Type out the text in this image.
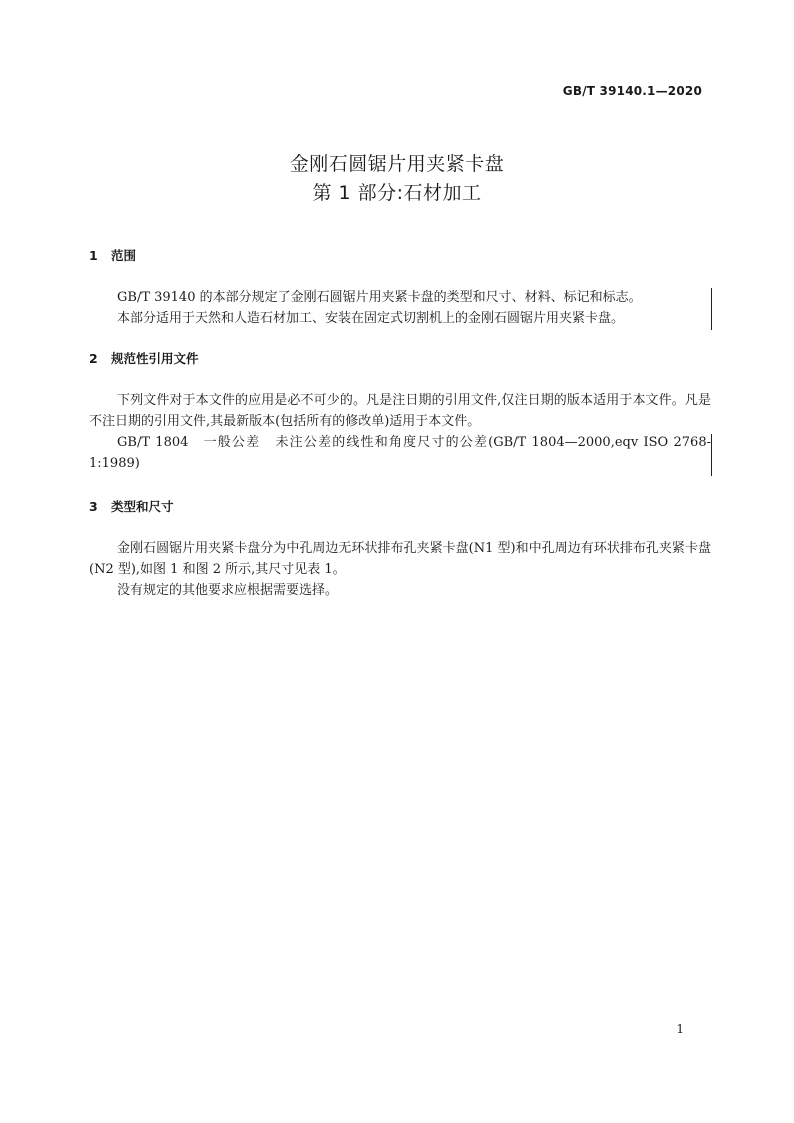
GB/T 39140.1—2020
金刚石圆锯片用夹紧卡盘
第 1 部分:石材加工
1 范围
GB/T 39140 的本部分规定了金刚石圆锯片用夹紧卡盘的类型和尺寸、材料、标记和标志。
本部分适用于天然和人造石材加工、安装在固定式切割机上的金刚石圆锯片用夹紧卡盘。
2 规范性引用文件
下列文件对于本文件的应用是必不可少的。凡是注日期的引用文件,仅注日期的版本适用于本文件。凡是不注日期的引用文件,其最新版本(包括所有的修改单)适用于本文件。
GB/T 1804 一般公差 未注公差的线性和角度尺寸的公差(GB/T 1804—2000,eqv ISO 2768-1:1989)
3 类型和尺寸
金刚石圆锯片用夹紧卡盘分为中孔周边无环状排布孔夹紧卡盘(N1 型)和中孔周边有环状排布孔夹紧卡盘(N2 型),如图 1 和图 2 所示,其尺寸见表 1。
没有规定的其他要求应根据需要选择。
1
